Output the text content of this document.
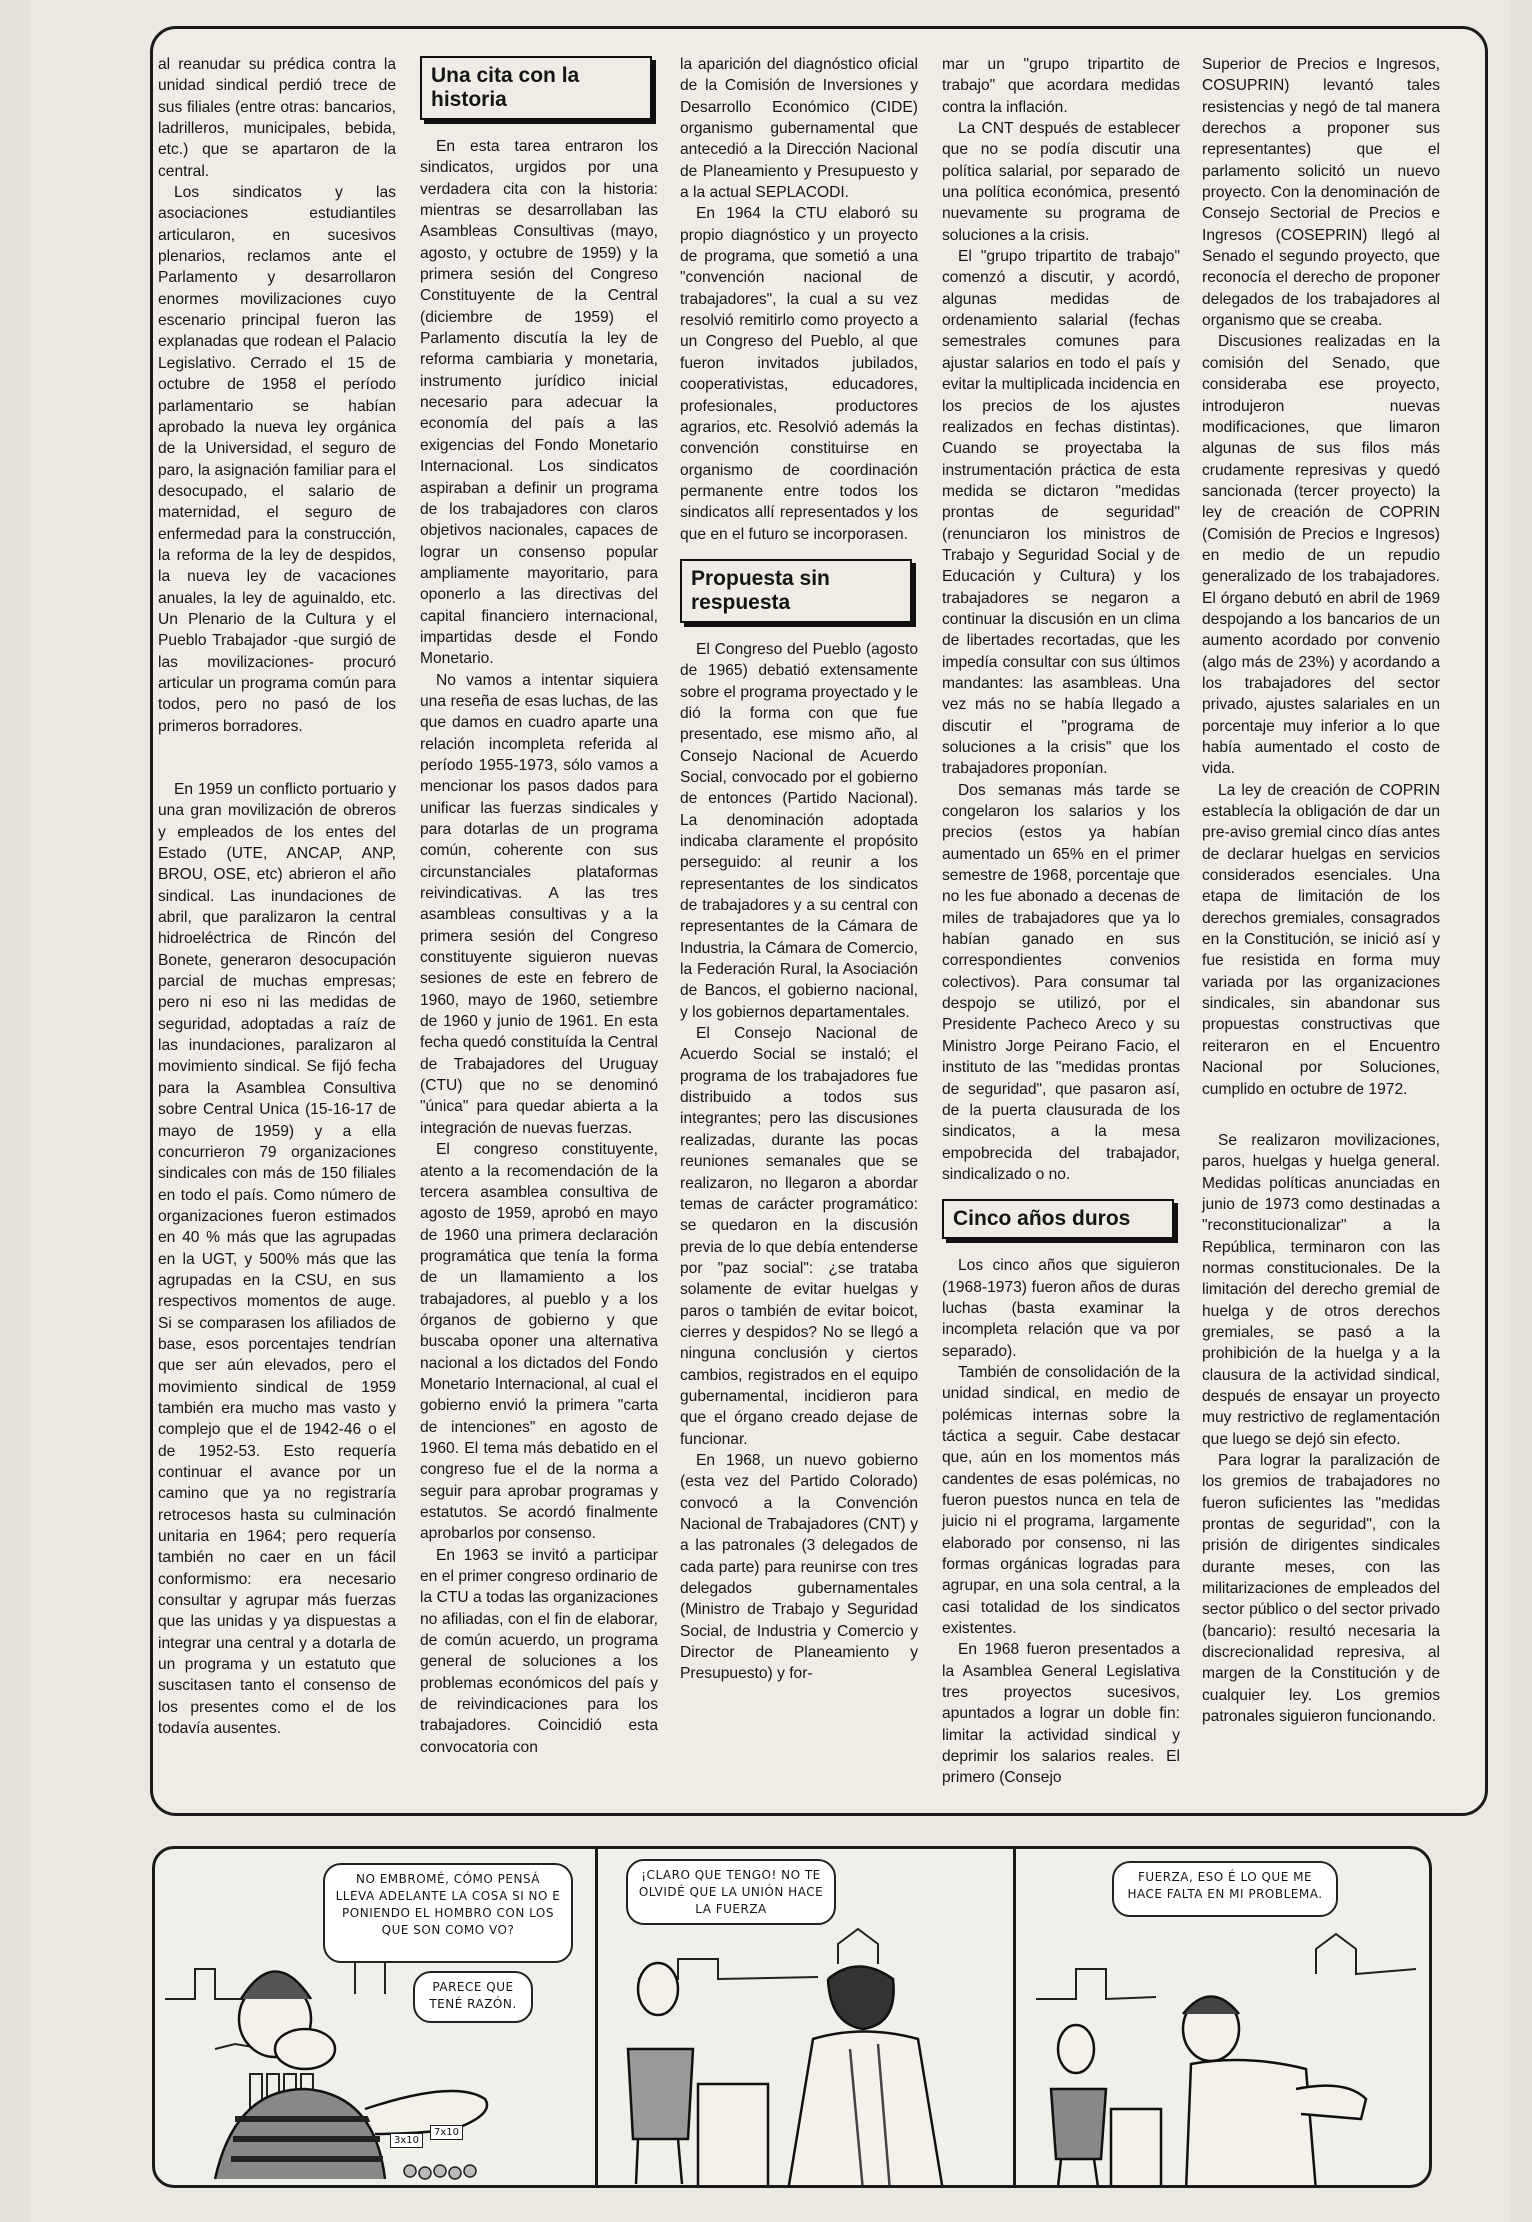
al reanudar su prédica contra la unidad sindical perdió trece de sus filiales (entre otras: bancarios, ladrilleros, municipales, bebida, etc.) que se apartaron de la central.

Los sindicatos y las asociaciones estudiantiles articularon, en sucesivos plenarios, reclamos ante el Parlamento y desarrollaron enormes movilizaciones cuyo escenario principal fueron las explanadas que rodean el Palacio Legislativo. Cerrado el 15 de octubre de 1958 el período parlamentario se habían aprobado la nueva ley orgánica de la Universidad, el seguro de paro, la asignación familiar para el desocupado, el salario de maternidad, el seguro de enfermedad para la construcción, la reforma de la ley de despidos, la nueva ley de vacaciones anuales, la ley de aguinaldo, etc. Un Plenario de la Cultura y el Pueblo Trabajador -que surgió de las movilizaciones- procuró articular un programa común para todos, pero no pasó de los primeros borradores.

En 1959 un conflicto portuario y una gran movilización de obreros y empleados de los entes del Estado (UTE, ANCAP, ANP, BROU, OSE, etc) abrieron el año sindical. Las inundaciones de abril, que paralizaron la central hidroeléctrica de Rincón del Bonete, generaron desocupación parcial de muchas empresas; pero ni eso ni las medidas de seguridad, adoptadas a raíz de las inundaciones, paralizaron al movimiento sindical. Se fijó fecha para la Asamblea Consultiva sobre Central Unica (15-16-17 de mayo de 1959) y a ella concurrieron 79 organizaciones sindicales con más de 150 filiales en todo el país. Como número de organizaciones fueron estimados en 40 % más que las agrupadas en la UGT, y 500% más que las agrupadas en la CSU, en sus respectivos momentos de auge. Si se comparasen los afiliados de base, esos porcentajes tendrían que ser aún elevados, pero el movimiento sindical de 1959 también era mucho mas vasto y complejo que el de 1942-46 o el de 1952-53. Esto requería continuar el avance por un camino que ya no registraría retrocesos hasta su culminación unitaria en 1964; pero requería también no caer en un fácil conformismo: era necesario consultar y agrupar más fuerzas que las unidas y ya dispuestas a integrar una central y a dotarla de un programa y un estatuto que suscitasen tanto el consenso de los presentes como el de los todavía ausentes.

Una cita con la historia

En esta tarea entraron los sindicatos, urgidos por una verdadera cita con la historia: mientras se desarrollaban las Asambleas Consultivas (mayo, agosto, y octubre de 1959) y la primera sesión del Congreso Constituyente de la Central (diciembre de 1959) el Parlamento discutía la ley de reforma cambiaria y monetaria, instrumento jurídico inicial necesario para adecuar la economía del país a las exigencias del Fondo Monetario Internacional. Los sindicatos aspiraban a definir un programa de los trabajadores con claros objetivos nacionales, capaces de lograr un consenso popular ampliamente mayoritario, para oponerlo a las directivas del capital financiero internacional, impartidas desde el Fondo Monetario.

No vamos a intentar siquiera una reseña de esas luchas, de las que damos en cuadro aparte una relación incompleta referida al período 1955-1973, sólo vamos a mencionar los pasos dados para unificar las fuerzas sindicales y para dotarlas de un programa común, coherente con sus circunstanciales plataformas reivindicativas. A las tres asambleas consultivas y a la primera sesión del Congreso constituyente siguieron nuevas sesiones de este en febrero de 1960, mayo de 1960, setiembre de 1960 y junio de 1961. En esta fecha quedó constituída la Central de Trabajadores del Uruguay (CTU) que no se denominó "única" para quedar abierta a la integración de nuevas fuerzas.

El congreso constituyente, atento a la recomendación de la tercera asamblea consultiva de agosto de 1959, aprobó en mayo de 1960 una primera declaración programática que tenía la forma de un llamamiento a los trabajadores, al pueblo y a los órganos de gobierno y que buscaba oponer una alternativa nacional a los dictados del Fondo Monetario Internacional, al cual el gobierno envió la primera "carta de intenciones" en agosto de 1960. El tema más debatido en el congreso fue el de la norma a seguir para aprobar programas y estatutos. Se acordó finalmente aprobarlos por consenso.

En 1963 se invitó a participar en el primer congreso ordinario de la CTU a todas las organizaciones no afiliadas, con el fin de elaborar, de común acuerdo, un programa general de soluciones a los problemas económicos del país y de reivindicaciones para los trabajadores. Coincidió esta convocatoria con

la aparición del diagnóstico oficial de la Comisión de Inversiones y Desarrollo Económico (CIDE) organismo gubernamental que antecedió a la Dirección Nacional de Planeamiento y Presupuesto y a la actual SEPLACODI.

En 1964 la CTU elaboró su propio diagnóstico y un proyecto de programa, que sometió a una "convención nacional de trabajadores", la cual a su vez resolvió remitirlo como proyecto a un Congreso del Pueblo, al que fueron invitados jubilados, cooperativistas, educadores, profesionales, productores agrarios, etc. Resolvió además la convención constituirse en organismo de coordinación permanente entre todos los sindicatos allí representados y los que en el futuro se incorporasen.

Propuesta sin respuesta

El Congreso del Pueblo (agosto de 1965) debatió extensamente sobre el programa proyectado y le dió la forma con que fue presentado, ese mismo año, al Consejo Nacional de Acuerdo Social, convocado por el gobierno de entonces (Partido Nacional). La denominación adoptada indicaba claramente el propósito perseguido: al reunir a los representantes de los sindicatos de trabajadores y a su central con representantes de la Cámara de Industria, la Cámara de Comercio, la Federación Rural, la Asociación de Bancos, el gobierno nacional, y los gobiernos departamentales.

El Consejo Nacional de Acuerdo Social se instaló; el programa de los trabajadores fue distribuido a todos sus integrantes; pero las discusiones realizadas, durante las pocas reuniones semanales que se realizaron, no llegaron a abordar temas de carácter programático: se quedaron en la discusión previa de lo que debía entenderse por "paz social": ¿se trataba solamente de evitar huelgas y paros o también de evitar boicot, cierres y despidos? No se llegó a ninguna conclusión y ciertos cambios, registrados en el equipo gubernamental, incidieron para que el órgano creado dejase de funcionar.

En 1968, un nuevo gobierno (esta vez del Partido Colorado) convocó a la Convención Nacional de Trabajadores (CNT) y a las patronales (3 delegados de cada parte) para reunirse con tres delegados gubernamentales (Ministro de Trabajo y Seguridad Social, de Industria y Comercio y Director de Planeamiento y Presupuesto) y for-

mar un "grupo tripartito de trabajo" que acordara medidas contra la inflación.

La CNT después de establecer que no se podía discutir una política salarial, por separado de una política económica, presentó nuevamente su programa de soluciones a la crisis.

El "grupo tripartito de trabajo" comenzó a discutir, y acordó, algunas medidas de ordenamiento salarial (fechas semestrales comunes para ajustar salarios en todo el país y evitar la multiplicada incidencia en los precios de los ajustes realizados en fechas distintas). Cuando se proyectaba la instrumentación práctica de esta medida se dictaron "medidas prontas de seguridad" (renunciaron los ministros de Trabajo y Seguridad Social y de Educación y Cultura) y los trabajadores se negaron a continuar la discusión en un clima de libertades recortadas, que les impedía consultar con sus últimos mandantes: las asambleas. Una vez más no se había llegado a discutir el "programa de soluciones a la crisis" que los trabajadores proponían.

Dos semanas más tarde se congelaron los salarios y los precios (estos ya habían aumentado un 65% en el primer semestre de 1968, porcentaje que no les fue abonado a decenas de miles de trabajadores que ya lo habían ganado en sus correspondientes convenios colectivos). Para consumar tal despojo se utilizó, por el Presidente Pacheco Areco y su Ministro Jorge Peirano Facio, el instituto de las "medidas prontas de seguridad", que pasaron así, de la puerta clausurada de los sindicatos, a la mesa empobrecida del trabajador, sindicalizado o no.

Cinco años duros

Los cinco años que siguieron (1968-1973) fueron años de duras luchas (basta examinar la incompleta relación que va por separado).

También de consolidación de la unidad sindical, en medio de polémicas internas sobre la táctica a seguir. Cabe destacar que, aún en los momentos más candentes de esas polémicas, no fueron puestos nunca en tela de juicio ni el programa, largamente elaborado por consenso, ni las formas orgánicas logradas para agrupar, en una sola central, a la casi totalidad de los sindicatos existentes.

En 1968 fueron presentados a la Asamblea General Legislativa tres proyectos sucesivos, apuntados a lograr un doble fin: limitar la actividad sindical y deprimir los salarios reales. El primero (Consejo

Superior de Precios e Ingresos, COSUPRIN) levantó tales resistencias y negó de tal manera derechos a proponer sus representantes) que el parlamento solicitó un nuevo proyecto. Con la denominación de Consejo Sectorial de Precios e Ingresos (COSEPRIN) llegó al Senado el segundo proyecto, que reconocía el derecho de proponer delegados de los trabajadores al organismo que se creaba.

Discusiones realizadas en la comisión del Senado, que consideraba ese proyecto, introdujeron nuevas modificaciones, que limaron algunas de sus filos más crudamente represivas y quedó sancionada (tercer proyecto) la ley de creación de COPRIN (Comisión de Precios e Ingresos) en medio de un repudio generalizado de los trabajadores. El órgano debutó en abril de 1969 despojando a los bancarios de un aumento acordado por convenio (algo más de 23%) y acordando a los trabajadores del sector privado, ajustes salariales en un porcentaje muy inferior a lo que había aumentado el costo de vida.

La ley de creación de COPRIN establecía la obligación de dar un pre-aviso gremial cinco días antes de declarar huelgas en servicios considerados esenciales. Una etapa de limitación de los derechos gremiales, consagrados en la Constitución, se inició así y fue resistida en forma muy variada por las organizaciones sindicales, sin abandonar sus propuestas constructivas que reiteraron en el Encuentro Nacional por Soluciones, cumplido en octubre de 1972.

Se realizaron movilizaciones, paros, huelgas y huelga general. Medidas políticas anunciadas en junio de 1973 como destinadas a "reconstitucionalizar" a la República, terminaron con las normas constitucionales. De la limitación del derecho gremial de huelga y de otros derechos gremiales, se pasó a la prohibición de la huelga y a la clausura de la actividad sindical, después de ensayar un proyecto muy restrictivo de reglamentación que luego se dejó sin efecto.

Para lograr la paralización de los gremios de trabajadores no fueron suficientes las "medidas prontas de seguridad", con la prisión de dirigentes sindicales durante meses, con las militarizaciones de empleados del sector público o del sector privado (bancario): resultó necesaria la discrecionalidad represiva, al margen de la Constitución y de cualquier ley. Los gremios patronales siguieron funcionando.

NO EMBROMÉ, CÓMO PENSÁ LLEVA ADELANTE LA COSA SI NO E PONIENDO EL HOMBRO CON LOS QUE SON COMO VO?
PARECE QUE TENÉ RAZÓN.
3x10
7x10
¡CLARO QUE TENGO! NO TE OLVIDÉ QUE LA UNIÓN HACE LA FUERZA
FUERZA, ESO É LO QUE ME HACE FALTA EN MI PROBLEMA.
